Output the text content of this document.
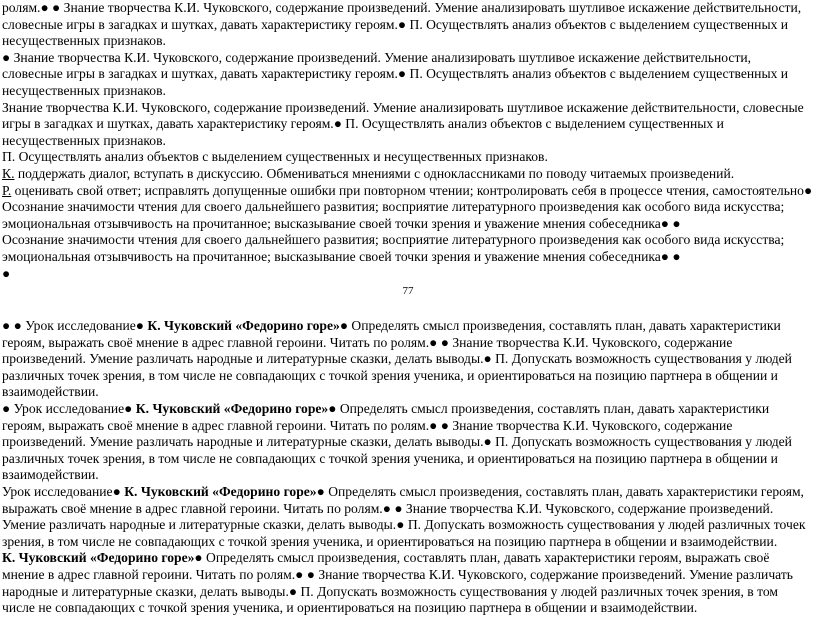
ролям.● ● Знание творчества К.И. Чуковского, содержание произведений. Умение анализировать шутливое искажение действительности, словесные игры в загадках и шутках, давать характеристику героям.● П. Осуществлять анализ объектов с выделением существенных и несущественных признаков.

● Знание творчества К.И. Чуковского, содержание произведений. Умение анализировать шутливое искажение действительности, словесные игры в загадках и шутках, давать характеристику героям.● П. Осуществлять анализ объектов с выделением существенных и несущественных признаков.

Знание творчества К.И. Чуковского, содержание произведений. Умение анализировать шутливое искажение действительности, словесные игры в загадках и шутках, давать характеристику героям.● П. Осуществлять анализ объектов с выделением существенных и несущественных признаков.

П. Осуществлять анализ объектов с выделением существенных и несущественных признаков.

К. поддержать диалог, вступать в дискуссию. Обмениваться мнениями с одноклассниками по поводу читаемых произведений.

Р. оценивать свой ответ; исправлять допущенные ошибки при повторном чтении; контролировать себя в процессе чтения, самостоятельно● Осознание значимости чтения для своего дальнейшего развития; восприятие литературного произведения как особого вида искусства; эмоциональная отзывчивость на прочитанное; высказывание своей точки зрения и уважение мнения собеседника● ●

Осознание значимости чтения для своего дальнейшего развития; восприятие литературного произведения как особого вида искусства; эмоциональная отзывчивость на прочитанное; высказывание своей точки зрения и уважение мнения собеседника● ●

●

77

● ● Урок исследование● К. Чуковский «Федорино горе»● Определять смысл произведения, составлять план, давать характеристики героям, выражать своё мнение в адрес главной героини. Читать по ролям.● ● Знание творчества К.И. Чуковского, содержание произведений. Умение различать народные и литературные сказки, делать выводы.● П. Допускать возможность существования у людей различных точек зрения, в том числе не совпадающих с точкой зрения ученика, и ориентироваться на позицию партнера в общении и взаимодействии.

● Урок исследование● К. Чуковский «Федорино горе»● Определять смысл произведения, составлять план, давать характеристики героям, выражать своё мнение в адрес главной героини. Читать по ролям.● ● Знание творчества К.И. Чуковского, содержание произведений. Умение различать народные и литературные сказки, делать выводы.● П. Допускать возможность существования у людей различных точек зрения, в том числе не совпадающих с точкой зрения ученика, и ориентироваться на позицию партнера в общении и взаимодействии.

Урок исследование● К. Чуковский «Федорино горе»● Определять смысл произведения, составлять план, давать характеристики героям, выражать своё мнение в адрес главной героини. Читать по ролям.● ● Знание творчества К.И. Чуковского, содержание произведений. Умение различать народные и литературные сказки, делать выводы.● П. Допускать возможность существования у людей различных точек зрения, в том числе не совпадающих с точкой зрения ученика, и ориентироваться на позицию партнера в общении и взаимодействии.

К. Чуковский «Федорино горе»● Определять смысл произведения, составлять план, давать характеристики героям, выражать своё мнение в адрес главной героини. Читать по ролям.● ● Знание творчества К.И. Чуковского, содержание произведений. Умение различать народные и литературные сказки, делать выводы.● П. Допускать возможность существования у людей различных точек зрения, в том числе не совпадающих с точкой зрения ученика, и ориентироваться на позицию партнера в общении и взаимодействии.
